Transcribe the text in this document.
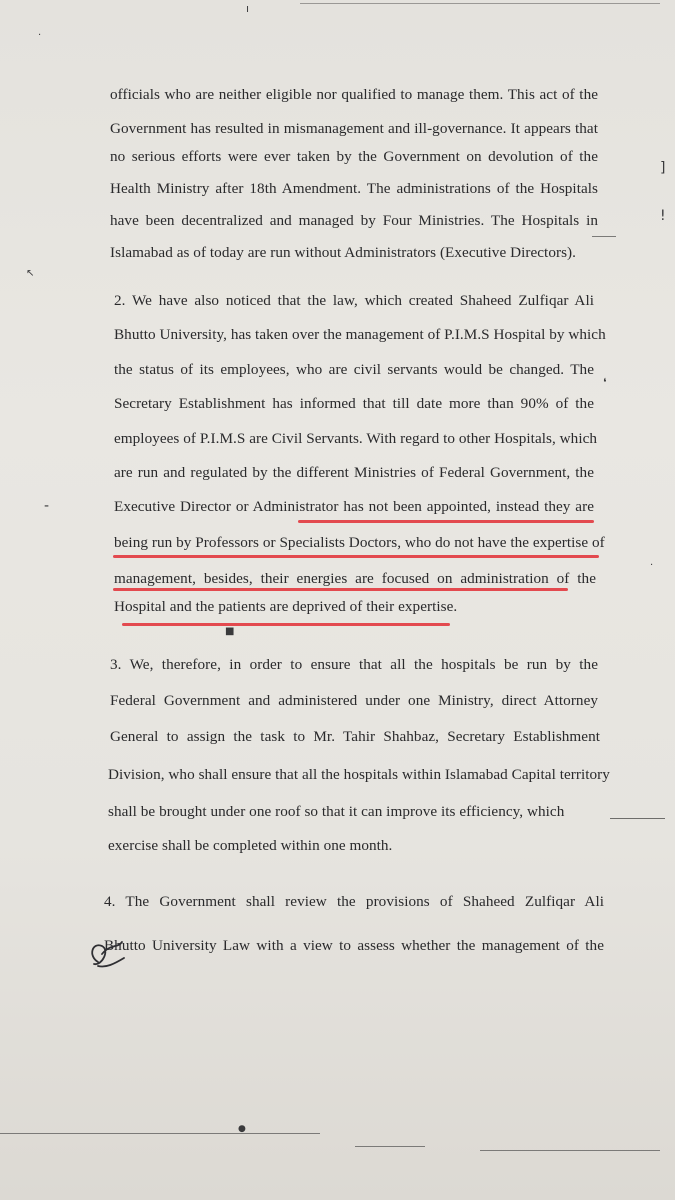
ı
officials who are neither eligible nor qualified to manage them. This act of the
Government has resulted in mismanagement and ill-governance. It appears that
no serious efforts were ever taken by the Government on devolution of the
Health Ministry after 18th Amendment. The administrations of the Hospitals
have been decentralized and managed by Four Ministries. The Hospitals in
Islamabad as of today are run without Administrators (Executive Directors).
2. We have also noticed that the law, which created Shaheed Zulfiqar Ali
Bhutto University, has taken over the management of P.I.M.S Hospital by which
the status of its employees, who are civil servants would be changed. The
Secretary Establishment has informed that till date more than 90% of the
employees of P.I.M.S are Civil Servants. With regard to other Hospitals, which
are run and regulated by the different Ministries of Federal Government, the
Executive Director or Administrator has not been appointed, instead they are
being run by Professors or Specialists Doctors, who do not have the expertise of
management, besides, their energies are focused on administration of the
Hospital and the patients are deprived of their expertise.
3. We, therefore, in order to ensure that all the hospitals be run by the
Federal Government and administered under one Ministry, direct Attorney
General to assign the task to Mr. Tahir Shahbaz, Secretary Establishment
Division, who shall ensure that all the hospitals within Islamabad Capital territory
shall be brought under one roof so that it can improve its efficiency, which
exercise shall be completed within one month.
4. The Government shall review the provisions of Shaheed Zulfiqar Ali
Bhutto University Law with a view to assess whether the management of the
]
!
↖
-
■
❛
·
·
●
